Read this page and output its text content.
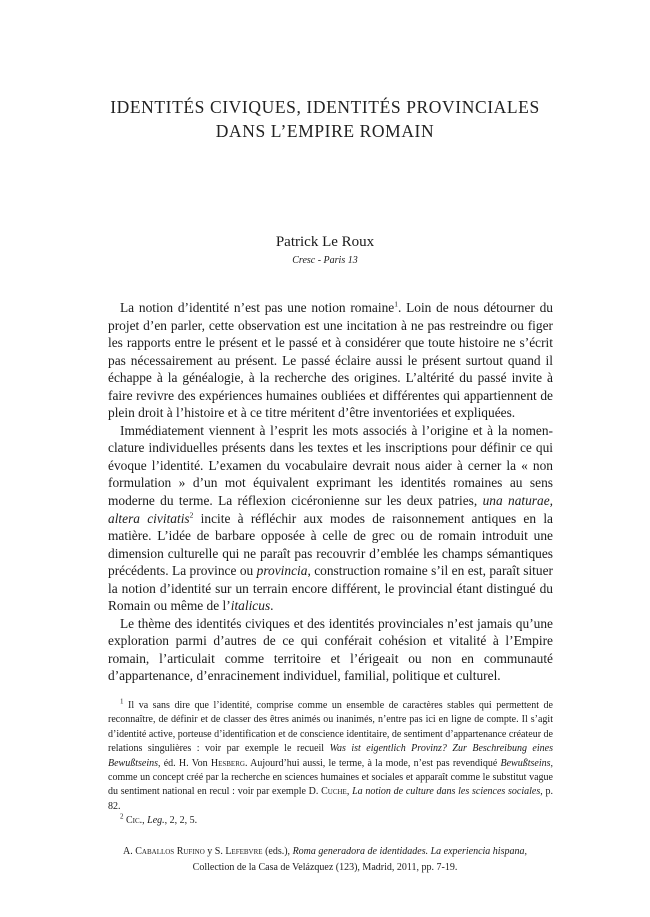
IDENTITÉS CIVIQUES, IDENTITÉS PROVINCIALES
DANS L’EMPIRE ROMAIN
Patrick Le Roux
Cresc - Paris 13

La notion d’identité n’est pas une notion romaine$^1$. Loin de nous détourner du projet d’en parler, cette observation est une incitation à ne pas restreindre ou figer les rapports entre le présent et le passé et à considérer que toute histoire ne s’écrit pas nécessairement au présent. Le passé éclaire aussi le présent surtout quand il échappe à la généalogie, à la recherche des origines. L’altérité du passé invite à faire revivre des expériences humaines oubliées et différentes qui appartiennent de plein droit à l’histoire et à ce titre méritent d’être inventoriées et expliquées.

Immédiatement viennent à l’esprit les mots associés à l’origine et à la nomenclature individuelles présents dans les textes et les inscriptions pour définir ce qui évoque l’identité. L’examen du vocabulaire devrait nous aider à cerner la « non formulation » d’un mot équivalent exprimant les identités romaines au sens moderne du terme. La réflexion cicéronienne sur les deux patries, una naturae, altera civitatis$^2$ incite à réfléchir aux modes de raisonnement antiques en la matière. L’idée de barbare opposée à celle de grec ou de romain introduit une dimension culturelle qui ne paraît pas recouvrir d’emblée les champs sémantiques précédents. La province ou provincia, construction romaine s’il en est, paraît situer la notion d’identité sur un terrain encore différent, le provincial étant distingué du Romain ou même de l’italicus.

Le thème des identités civiques et des identités provinciales n’est jamais qu’une exploration parmi d’autres de ce qui conférait cohésion et vitalité à l’Empire romain, l’articulait comme territoire et l’érigeait ou non en communauté d’appartenance, d’enracinement individuel, familial, politique et culturel.

$^1$ Il va sans dire que l’identité, comprise comme un ensemble de caractères stables qui permettent de reconnaître, de définir et de classer des êtres animés ou inanimés, n’entre pas ici en ligne de compte. Il s’agit d’identité active, porteuse d’identification et de conscience identitaire, de sentiment d’appartenance créateur de relations singulières : voir par exemple le recueil Was ist eigentlich Provinz? Zur Beschreibung eines Bewußtseins, éd. H. Von Hesberg. Aujourd’hui aussi, le terme, à la mode, n’est pas revendiqué Bewußtseins, comme un concept créé par la recherche en sciences humaines et sociales et apparaît comme le substitut vague du sentiment national en recul : voir par exemple D. Cuche, La notion de culture dans les sciences sociales, p. 82.

$^2$ Cic., Leg., 2, 2, 5.

A. Caballos Rufino y S. Lefebvre (eds.), Roma generadora de identidades. La experiencia hispana,
Collection de la Casa de Velázquez (123), Madrid, 2011, pp. 7-19.
